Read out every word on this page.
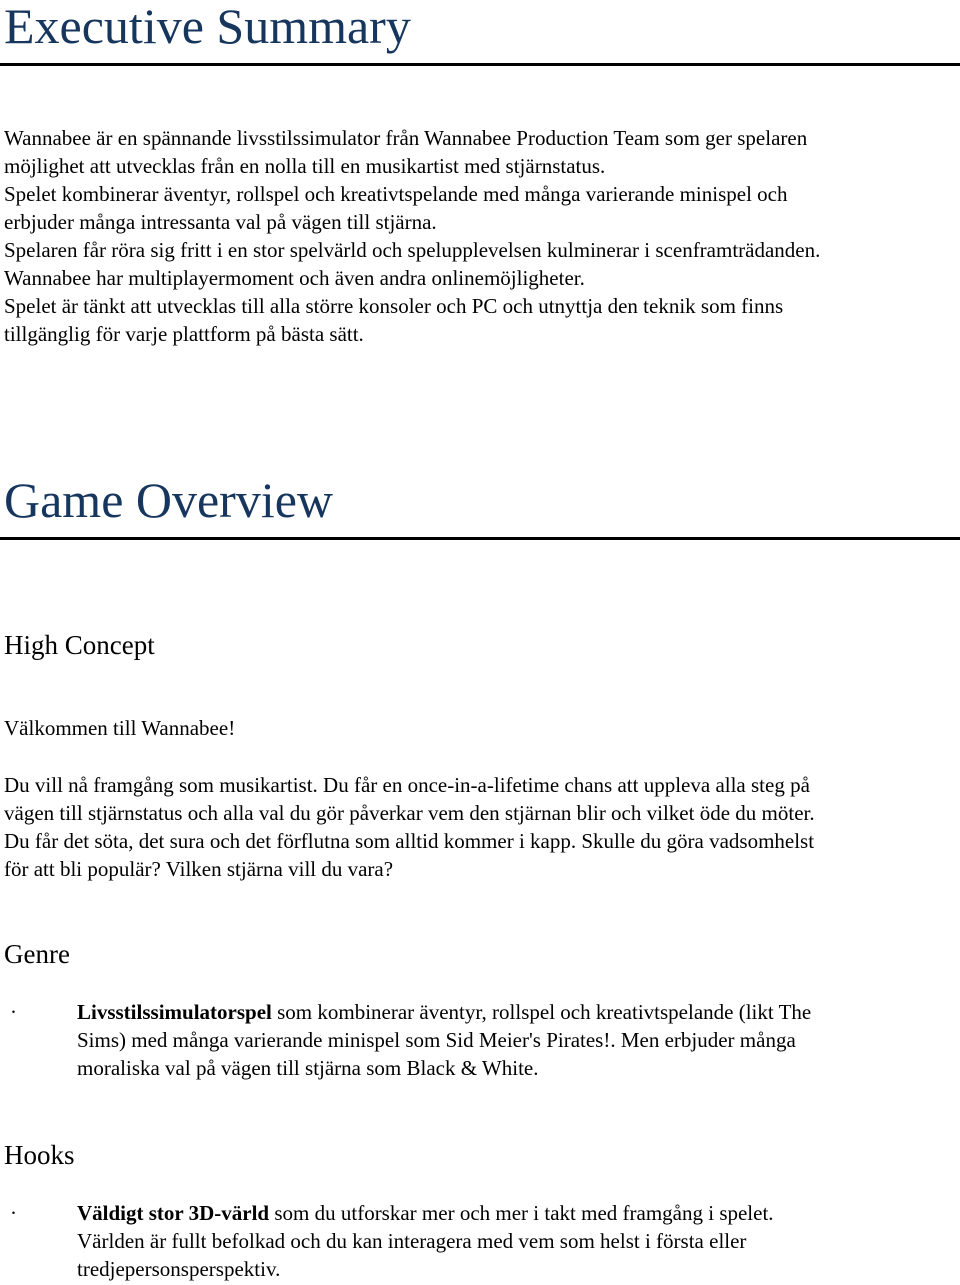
Executive Summary

Wannabee är en spännande livsstilssimulator från Wannabee Production Team som ger spelaren
möjlighet att utvecklas från en nolla till en musikartist med stjärnstatus.
Spelet kombinerar äventyr, rollspel och kreativtspelande med många varierande minispel och
erbjuder många intressanta val på vägen till stjärna.
Spelaren får röra sig fritt i en stor spelvärld och spelupplevelsen kulminerar i scenframträdanden.
Wannabee har multiplayermoment och även andra onlinemöjligheter.
Spelet är tänkt att utvecklas till alla större konsoler och PC och utnyttja den teknik som finns
tillgänglig för varje plattform på bästa sätt.

Game Overview
High Concept

Välkommen till Wannabee!

Du vill nå framgång som musikartist. Du får en once-in-a-lifetime chans att uppleva alla steg på
vägen till stjärnstatus och alla val du gör påverkar vem den stjärnan blir och vilket öde du möter.
Du får det söta, det sura och det förflutna som alltid kommer i kapp. Skulle du göra vadsomhelst
för att bli populär? Vilken stjärna vill du vara?

Genre
·	Livsstilssimulatorspel som kombinerar äventyr, rollspel och kreativtspelande (likt The
Sims) med många varierande minispel som Sid Meier's Pirates!. Men erbjuder många
moraliska val på vägen till stjärna som Black & White.
Hooks
·	Väldigt stor 3D-värld som du utforskar mer och mer i takt med framgång i spelet.
Världen är fullt befolkad och du kan interagera med vem som helst i första eller
tredjepersonsperspektiv.
